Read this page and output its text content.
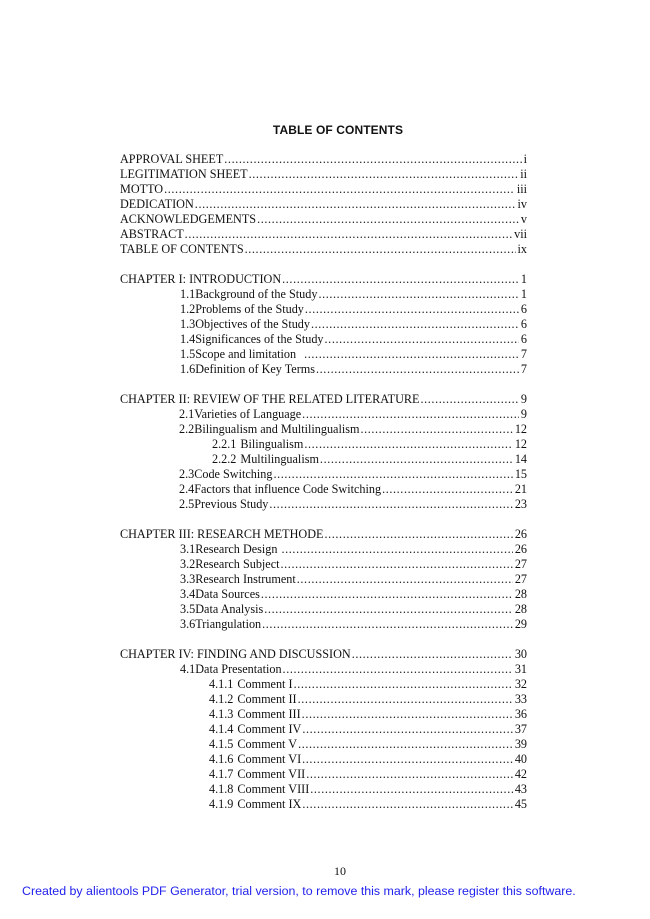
TABLE OF CONTENTS
APPROVAL SHEET .....	i
LEGITIMATION SHEET .....	ii
MOTTO .....	iii
DEDICATION .....	iv
ACKNOWLEDGEMENTS .....	v
ABSTRACT .....	vii
TABLE OF CONTENTS .....	ix
CHAPTER I: INTRODUCTION .....	1
1.1 Background of the Study .....	1
1.2 Problems of the Study .....	6
1.3 Objectives of the Study .....	6
1.4 Significances of the Study .....	6
1.5 Scope and limitation .....	7
1.6 Definition of Key Terms .....	7
CHAPTER II: REVIEW OF THE RELATED LITERATURE .....	9
2.1 Varieties of Language .....	9
2.2 Bilingualism and Multilingualism .....	12
2.2.1 Bilingualism .....	12
2.2.2 Multilingualism .....	14
2.3 Code Switching .....	15
2.4 Factors that influence Code Switching .....	21
2.5 Previous Study .....	23
CHAPTER III: RESEARCH METHODE .....	26
3.1 Research Design .....	26
3.2 Research Subject .....	27
3.3 Research Instrument .....	27
3.4 Data Sources .....	28
3.5 Data Analysis .....	28
3.6 Triangulation .....	29
CHAPTER IV: FINDING AND DISCUSSION .....	30
4.1 Data Presentation .....	31
4.1.1 Comment I .....	32
4.1.2 Comment II .....	33
4.1.3 Comment III .....	36
4.1.4 Comment IV .....	37
4.1.5 Comment V .....	39
4.1.6 Comment VI .....	40
4.1.7 Comment VII .....	42
4.1.8 Comment VIII .....	43
4.1.9 Comment IX .....	45
10
Created by alientools PDF Generator, trial version, to remove this mark, please register this software.
